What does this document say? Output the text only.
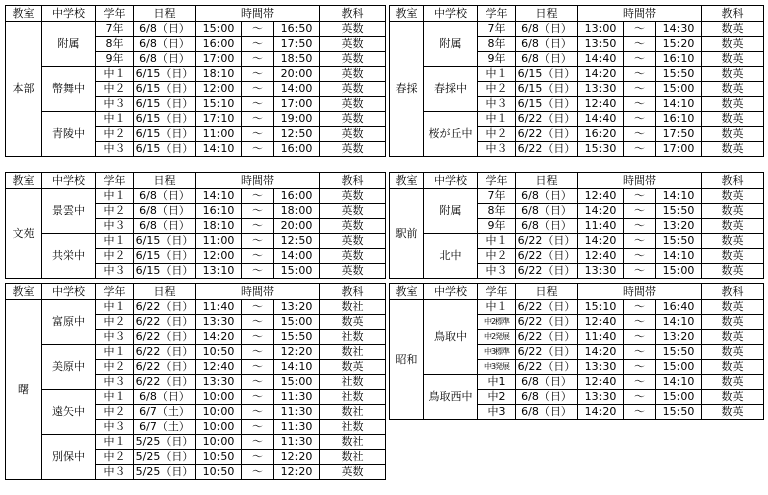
教室	中学校	学年	日程	時間帯			教科
本部	附属	7年	6/8（日）	15:00	～	16:50	英数
		8年	6/8（日）	16:00	～	17:50	英数
		9年	6/8（日）	17:00	～	18:50	英数
	幣舞中	中１	6/15（日）	18:10	～	20:00	英数
		中２	6/15（日）	12:00	～	14:00	英数
		中３	6/15（日）	15:10	～	17:00	英数
	青陵中	中１	6/15（日）	17:10	～	19:00	英数
		中２	6/15（日）	11:00	～	12:50	英数
		中３	6/15（日）	14:10	～	16:00	英数
教室	中学校	学年	日程	時間帯			教科
春採	附属	7年	6/8（日）	13:00	～	14:30	数英
		8年	6/8（日）	13:50	～	15:20	数英
		9年	6/8（日）	14:40	～	16:10	数英
	春採中	中１	6/15（日）	14:20	～	15:50	数英
		中２	6/15（日）	13:30	～	15:00	数英
		中３	6/15（日）	12:40	～	14:10	数英
	桜が丘中	中１	6/22（日）	14:40	～	16:10	数英
		中２	6/22（日）	16:20	～	17:50	数英
		中３	6/22（日）	15:30	～	17:00	数英
教室	中学校	学年	日程	時間帯			教科
文苑	景雲中	中１	6/8（日）	14:10	～	16:00	英数
		中２	6/8（日）	16:10	～	18:00	英数
		中３	6/8（日）	18:10	～	20:00	英数
	共栄中	中１	6/15（日）	11:00	～	12:50	英数
		中２	6/15（日）	12:00	～	14:00	英数
		中３	6/15（日）	13:10	～	15:00	英数
教室	中学校	学年	日程	時間帯			教科
駅前	附属	7年	6/8（日）	12:40	～	14:10	数英
		8年	6/8（日）	14:20	～	15:50	数英
		9年	6/8（日）	11:40	～	13:20	数英
	北中	中１	6/22（日）	14:20	～	15:50	数英
		中２	6/22（日）	12:40	～	14:10	数英
		中３	6/22（日）	13:30	～	15:00	数英
教室	中学校	学年	日程	時間帯			教科
曙	富原中	中１	6/22（日）	11:40	～	13:20	数社
		中２	6/22（日）	13:30	～	15:00	数英
		中３	6/22（日）	14:20	～	15:50	社数
	美原中	中１	6/22（日）	10:50	～	12:20	数社
		中２	6/22（日）	12:40	～	14:10	数英
		中３	6/22（日）	13:30	～	15:00	社数
	遠矢中	中１	6/8（日）	10:00	～	11:30	社数
		中２	6/7（土）	10:00	～	11:30	数社
		中３	6/7（土）	10:00	～	11:30	社数
	別保中	中１	5/25（日）	10:00	～	11:30	数社
		中２	5/25（日）	10:50	～	12:20	数社
		中３	5/25（日）	10:50	～	12:20	英数
教室	中学校	学年	日程	時間帯			教科
昭和	鳥取中	中１	6/22（日）	15:10	～	16:40	数英
		中2標準	6/22（日）	12:40	～	14:10	数英
		中2発展	6/22（日）	11:40	～	13:20	数英
		中3標準	6/22（日）	14:20	～	15:50	数英
		中3発展	6/22（日）	13:30	～	15:00	数英
	鳥取西中	中1	6/8（日）	12:40	～	14:10	数英
		中2	6/8（日）	13:30	～	15:00	数英
		中3	6/8（日）	14:20	～	15:50	数英
